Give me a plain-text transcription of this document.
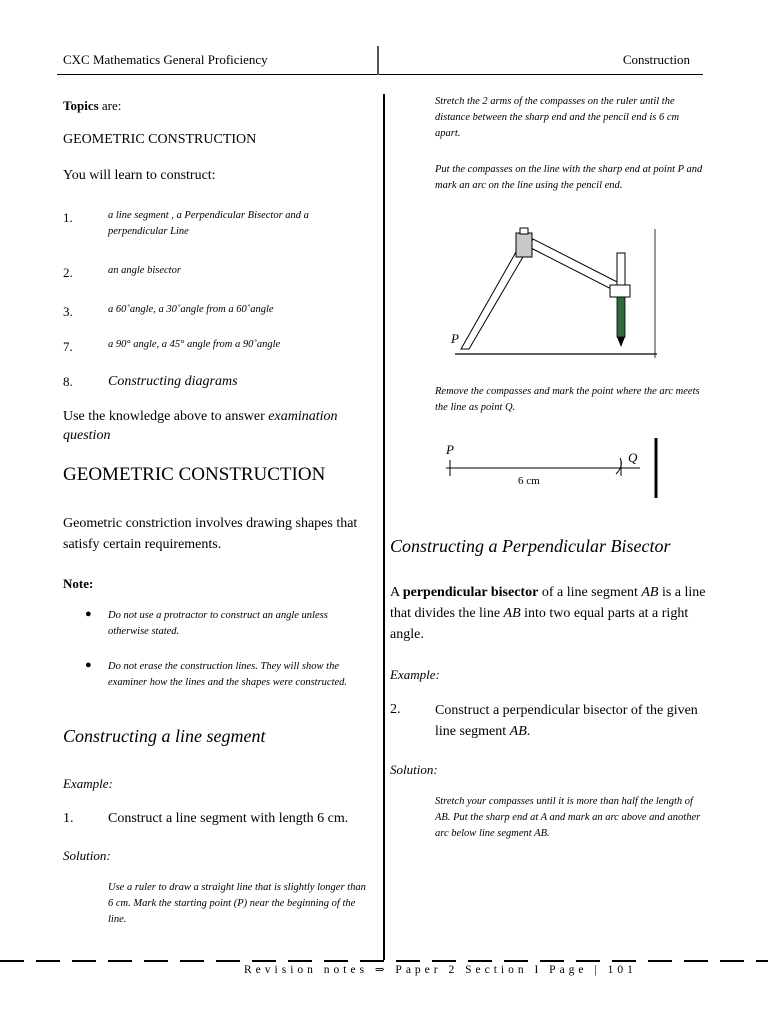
CXC Mathematics General Proficiency	Construction
Topics are:
GEOMETRIC CONSTRUCTION
You will learn to construct:
1.	a line segment , a Perpendicular Bisector and a perpendicular Line
2.	an angle bisector
3.	a 60˚angle, a 30˚angle from a 60˚angle
7.	a 90° angle, a 45° angle from a 90˚angle
8.	Constructing diagrams
Use the knowledge above to answer examination question
GEOMETRIC CONSTRUCTION
Geometric constriction involves drawing shapes that satisfy certain requirements.
Note:
● Do not use a protractor to construct an angle unless otherwise stated.
● Do not erase the construction lines. They will show the examiner how the lines and the shapes were constructed.
Constructing a line segment
Example:
1. Construct a line segment with length 6 cm.
Solution:
Use a ruler to draw a straight line that is slightly longer than 6 cm. Mark the starting point (P) near the beginning of the line.
Stretch the 2 arms of the compasses on the ruler until the distance between the sharp end and the pencil end is 6 cm apart.
Put the compasses on the line with the sharp end at point P and mark an arc on the line using the pencil end.
P
Remove the compasses and mark the point where the arc meets the line as point Q.
P
Q
6 cm
Constructing a Perpendicular Bisector
A perpendicular bisector of a line segment AB is a line that divides the line AB into two equal parts at a right angle.
Example:
2. Construct a perpendicular bisector of the given line segment AB.
Solution:
Stretch your compasses until it is more than half the length of AB. Put the sharp end at A and mark an arc above and another arc below line segment AB.
Revision notes ⇒ Paper 2 Section I Page | 101
